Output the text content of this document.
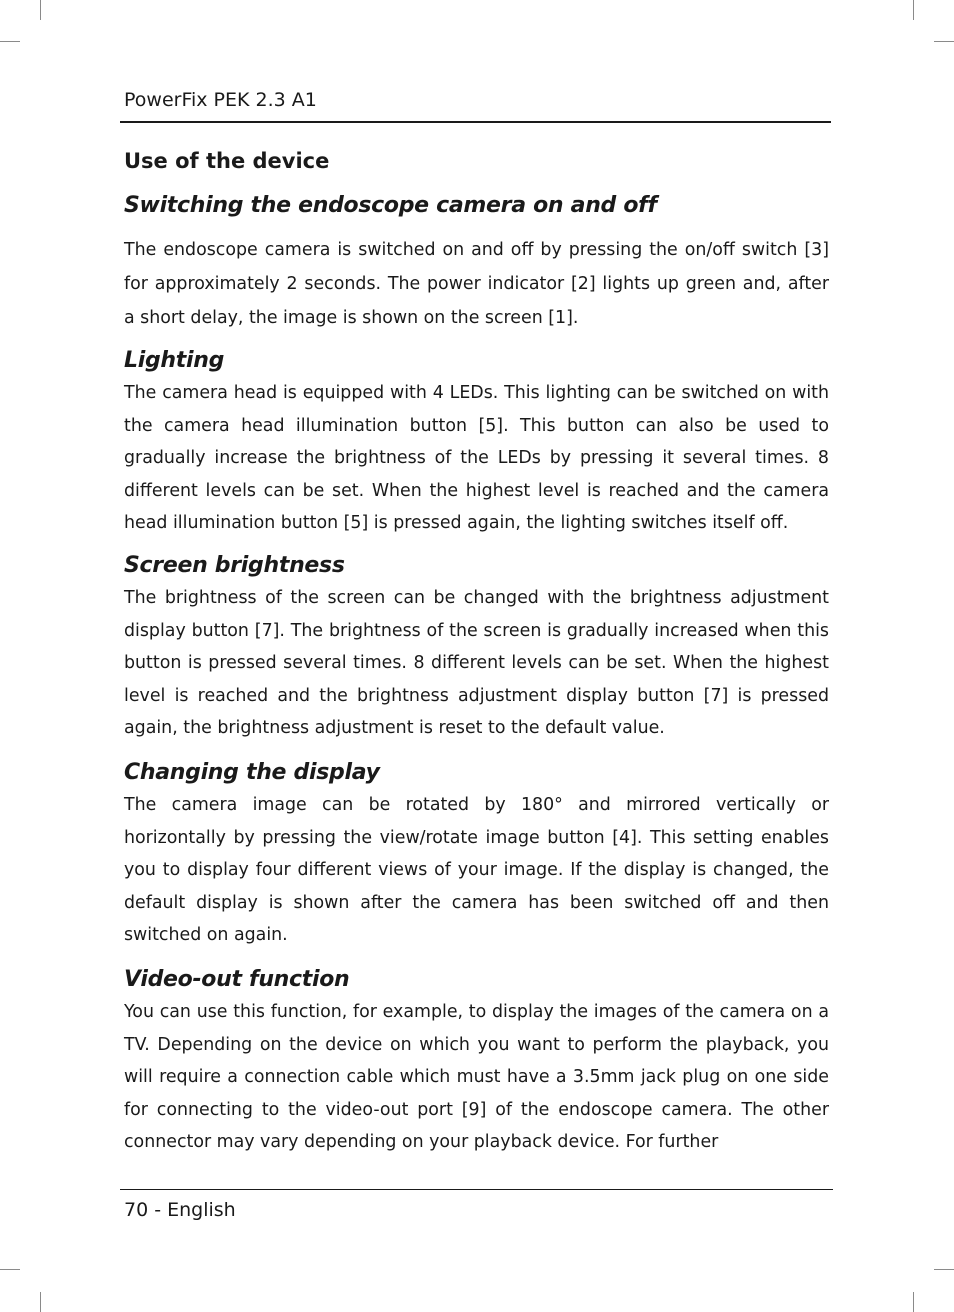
PowerFix PEK 2.3 A1

Use of the device
Switching the endoscope camera on and off

The endoscope camera is switched on and off by pressing the on/off switch [3] for approximately 2 seconds. The power indicator [2] lights up green and, after a short delay, the image is shown on the screen [1].

Lighting

The camera head is equipped with 4 LEDs. This lighting can be switched on with the camera head illumination button [5]. This button can also be used to gradually increase the brightness of the LEDs by pressing it several times. 8 different levels can be set. When the highest level is reached and the camera head illumination button [5] is pressed again, the lighting switches itself off.

Screen brightness

The brightness of the screen can be changed with the brightness adjustment display button [7]. The brightness of the screen is gradually increased when this button is pressed several times. 8 different levels can be set. When the highest level is reached and the brightness adjustment display button [7] is pressed again, the brightness adjustment is reset to the default value.

Changing the display

The camera image can be rotated by 180° and mirrored vertically or horizontally by pressing the view/rotate image button [4]. This setting enables you to display four different views of your image. If the display is changed, the default display is shown after the camera has been switched off and then switched on again.

Video-out function

You can use this function, for example, to display the images of the camera on a TV. Depending on the device on which you want to perform the playback, you will require a connection cable which must have a 3.5mm jack plug on one side for connecting to the video-out port [9] of the endoscope camera. The other connector may vary depending on your playback device. For further

70 - English
